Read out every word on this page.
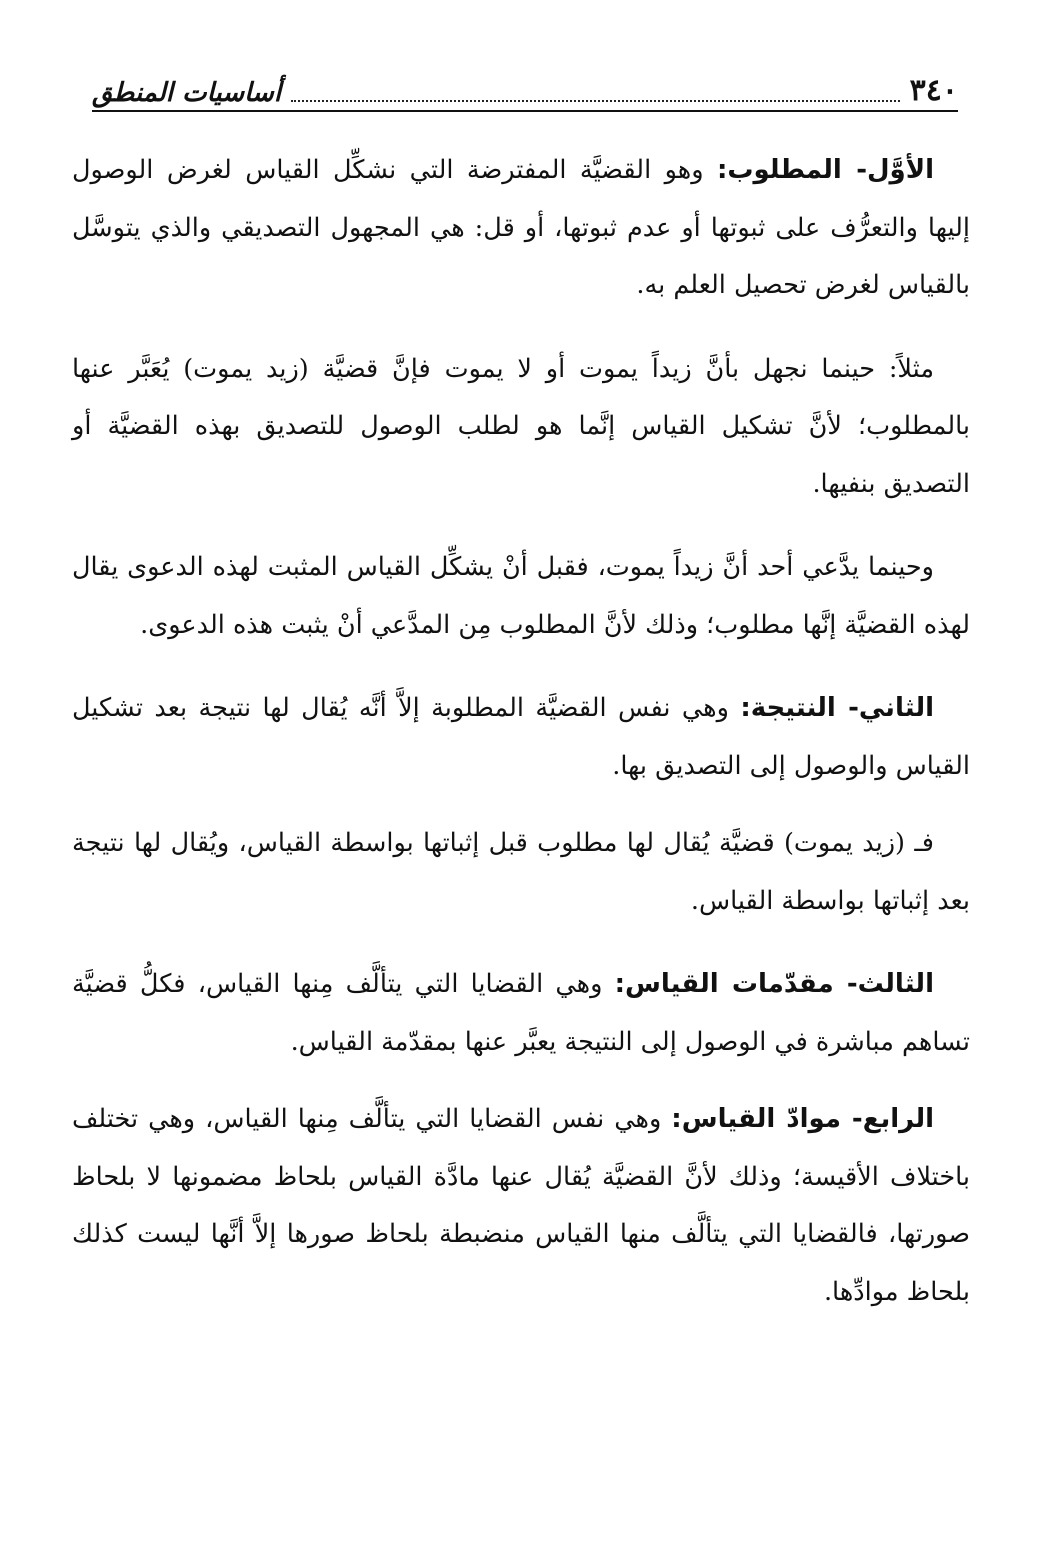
٣٤٠
أساسيات المنطق

الأوَّل- المطلوب: وهو القضيَّة المفترضة التي نشكِّل القياس لغرض الوصول إليها والتعرُّف على ثبوتها أو عدم ثبوتها، أو قل: هي المجهول التصديقي والذي يتوسَّل بالقياس لغرض تحصيل العلم به.

مثلاً: حينما نجهل بأنَّ زيداً يموت أو لا يموت فإنَّ قضيَّة (زيد يموت) يُعَبَّر عنها بالمطلوب؛ لأنَّ تشكيل القياس إنَّما هو لطلب الوصول للتصديق بهذه القضيَّة أو التصديق بنفيها.

وحينما يدَّعي أحد أنَّ زيداً يموت، فقبل أنْ يشكِّل القياس المثبت لهذه الدعوى يقال لهذه القضيَّة إنَّها مطلوب؛ وذلك لأنَّ المطلوب مِن المدَّعي أنْ يثبت هذه الدعوى.

الثاني- النتيجة: وهي نفس القضيَّة المطلوبة إلاَّ أنَّه يُقال لها نتيجة بعد تشكيل القياس والوصول إلى التصديق بها.

فـ (زيد يموت) قضيَّة يُقال لها مطلوب قبل إثباتها بواسطة القياس، ويُقال لها نتيجة بعد إثباتها بواسطة القياس.

الثالث- مقدّمات القياس: وهي القضايا التي يتألَّف مِنها القياس، فكلُّ قضيَّة تساهم مباشرة في الوصول إلى النتيجة يعبَّر عنها بمقدّمة القياس.

الرابع- موادّ القياس: وهي نفس القضايا التي يتألَّف مِنها القياس، وهي تختلف باختلاف الأقيسة؛ وذلك لأنَّ القضيَّة يُقال عنها مادَّة القياس بلحاظ مضمونها لا بلحاظ صورتها، فالقضايا التي يتألَّف منها القياس منضبطة بلحاظ صورها إلاَّ أنَّها ليست كذلك بلحاظ موادِّها.
